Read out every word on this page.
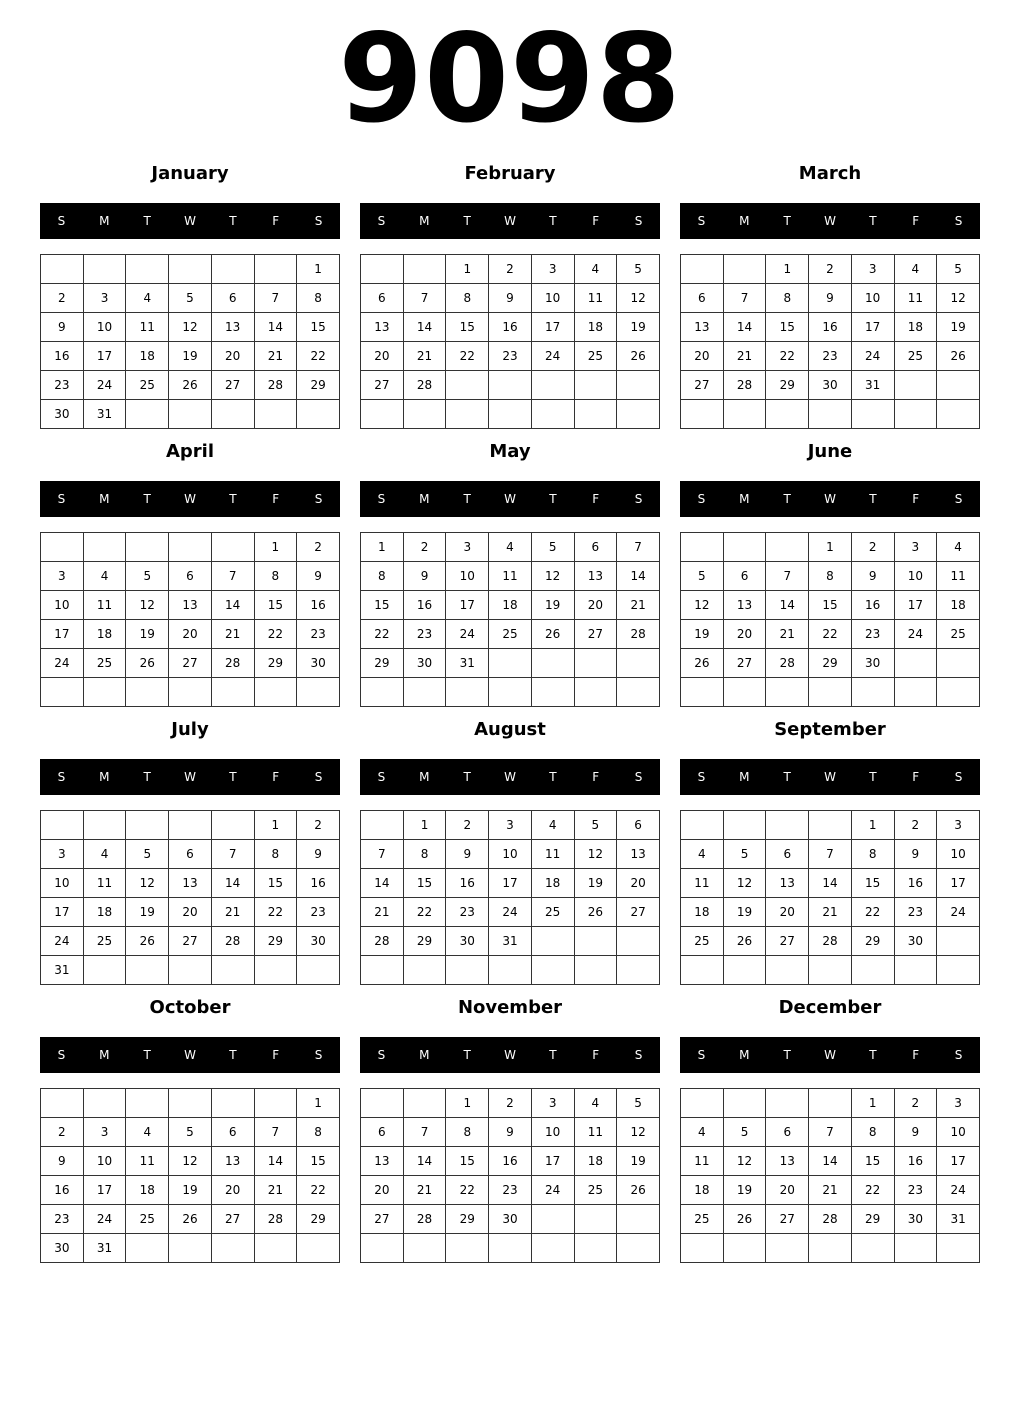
9098
January
S	M	T	W	T	F	S
						1
2	3	4	5	6	7	8
9	10	11	12	13	14	15
16	17	18	19	20	21	22
23	24	25	26	27	28	29
30	31					
February
S	M	T	W	T	F	S
		1	2	3	4	5
6	7	8	9	10	11	12
13	14	15	16	17	18	19
20	21	22	23	24	25	26
27	28					

March
S	M	T	W	T	F	S
		1	2	3	4	5
6	7	8	9	10	11	12
13	14	15	16	17	18	19
20	21	22	23	24	25	26
27	28	29	30	31		

April
S	M	T	W	T	F	S
					1	2
3	4	5	6	7	8	9
10	11	12	13	14	15	16
17	18	19	20	21	22	23
24	25	26	27	28	29	30

May
S	M	T	W	T	F	S
1	2	3	4	5	6	7
8	9	10	11	12	13	14
15	16	17	18	19	20	21
22	23	24	25	26	27	28
29	30	31				

June
S	M	T	W	T	F	S
			1	2	3	4
5	6	7	8	9	10	11
12	13	14	15	16	17	18
19	20	21	22	23	24	25
26	27	28	29	30		

July
S	M	T	W	T	F	S
					1	2
3	4	5	6	7	8	9
10	11	12	13	14	15	16
17	18	19	20	21	22	23
24	25	26	27	28	29	30
31						
August
S	M	T	W	T	F	S
	1	2	3	4	5	6
7	8	9	10	11	12	13
14	15	16	17	18	19	20
21	22	23	24	25	26	27
28	29	30	31			

September
S	M	T	W	T	F	S
				1	2	3
4	5	6	7	8	9	10
11	12	13	14	15	16	17
18	19	20	21	22	23	24
25	26	27	28	29	30	

October
S	M	T	W	T	F	S
						1
2	3	4	5	6	7	8
9	10	11	12	13	14	15
16	17	18	19	20	21	22
23	24	25	26	27	28	29
30	31					
November
S	M	T	W	T	F	S
		1	2	3	4	5
6	7	8	9	10	11	12
13	14	15	16	17	18	19
20	21	22	23	24	25	26
27	28	29	30			

December
S	M	T	W	T	F	S
				1	2	3
4	5	6	7	8	9	10
11	12	13	14	15	16	17
18	19	20	21	22	23	24
25	26	27	28	29	30	31
